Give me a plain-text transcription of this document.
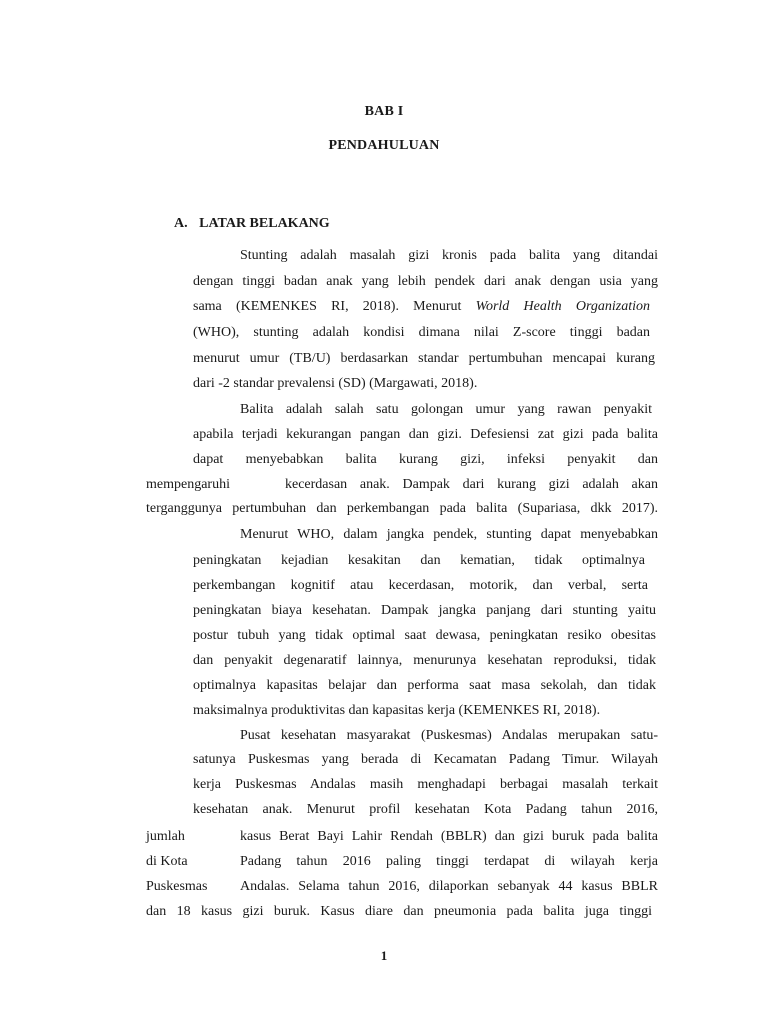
BAB I
PENDAHULUAN
A. LATAR BELAKANG
Stunting adalah masalah gizi kronis pada balita yang ditandai
dengan tinggi badan anak yang lebih pendek dari anak dengan usia yang
sama (KEMENKES RI, 2018). Menurut World Health Organization
(WHO), stunting adalah kondisi dimana nilai Z-score tinggi badan
menurut umur (TB/U) berdasarkan standar pertumbuhan mencapai kurang
dari -2 standar prevalensi (SD) (Margawati, 2018).
Balita adalah salah satu golongan umur yang rawan penyakit
apabila terjadi kekurangan pangan dan gizi. Defesiensi zat gizi pada balita
dapat menyebabkan balita kurang gizi, infeksi penyakit dan
mempengaruhi	kecerdasan anak. Dampak dari kurang gizi adalah akan
terganggunya pertumbuhan dan perkembangan pada balita (Supariasa, dkk 2017).
Menurut WHO, dalam jangka pendek, stunting dapat menyebabkan
peningkatan kejadian kesakitan dan kematian, tidak optimalnya
perkembangan kognitif atau kecerdasan, motorik, dan verbal, serta
peningkatan biaya kesehatan. Dampak jangka panjang dari stunting yaitu
postur tubuh yang tidak optimal saat dewasa, peningkatan resiko obesitas
dan penyakit degenaratif lainnya, menurunya kesehatan reproduksi, tidak
optimalnya kapasitas belajar dan performa saat masa sekolah, dan tidak
maksimalnya produktivitas dan kapasitas kerja (KEMENKES RI, 2018).
Pusat kesehatan masyarakat (Puskesmas) Andalas merupakan satu-
satunya Puskesmas yang berada di Kecamatan Padang Timur. Wilayah
kerja Puskesmas Andalas masih menghadapi berbagai masalah terkait
kesehatan anak. Menurut profil kesehatan Kota Padang tahun 2016,
jumlah	kasus Berat Bayi Lahir Rendah (BBLR) dan gizi buruk pada balita
di Kota	Padang tahun 2016 paling tinggi terdapat di wilayah kerja
Puskesmas Andalas. Selama tahun 2016, dilaporkan sebanyak 44 kasus BBLR
dan 18 kasus gizi buruk. Kasus diare dan pneumonia pada balita juga tinggi
1
